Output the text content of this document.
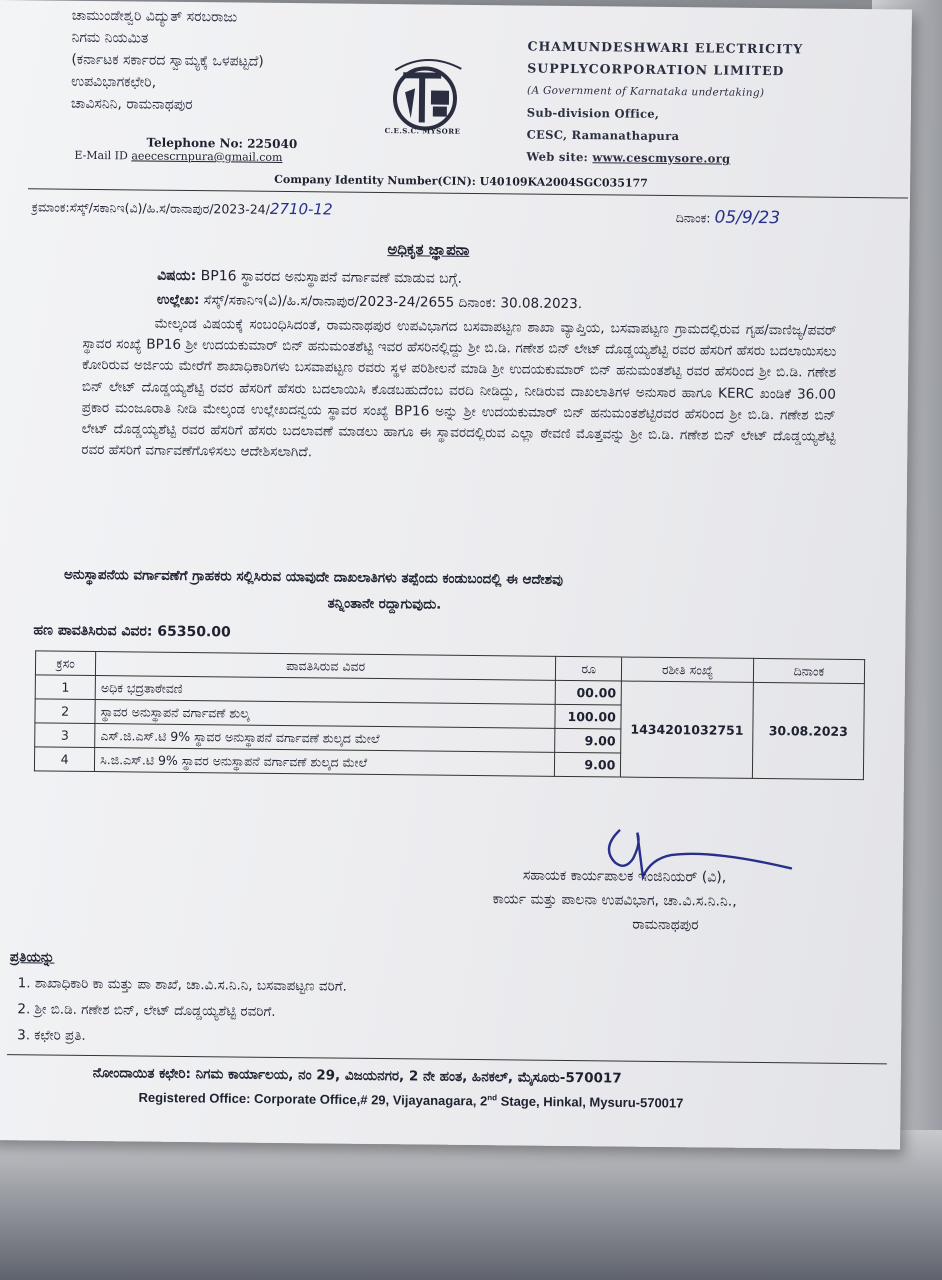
ಚಾಮುಂಡೇಶ್ವರಿ ವಿದ್ಯುತ್ ಸರಬರಾಜು
ನಿಗಮ ನಿಯಮಿತ
(ಕರ್ನಾಟಕ ಸರ್ಕಾರದ ಸ್ವಾಮ್ಯಕ್ಕೆ ಒಳಪಟ್ಟದೆ)
ಉಪವಿಭಾಗಕಛೇರಿ,
ಚಾವಿಸನಿನಿ, ರಾಮನಾಥಪುರ
C.E.S.C. MYSORE
CHAMUNDESHWARI ELECTRICITY
SUPPLYCORPORATION LIMITED
(A Government of Karnataka undertaking)
Sub-division Office,
CESC, Ramanathapura
Web site: www.cescmysore.org
Telephone No: 225040
E-Mail ID aeecescrnpura@gmail.com
Company Identity Number(CIN): U40109KA2004SGC035177
ಕ್ರಮಾಂಕ:ಸೆಸ್ಕ್/ಸಕಾನಿಇ(ವಿ)/ಹಿ.ಸ/ರಾನಾಪುರ/2023-24/2710-12	ದಿನಾಂಕ: 05/9/23
ಅಧಿಕೃತ ಜ್ಞಾಪನಾ
ವಿಷಯ: BP16 ಸ್ಥಾವರದ ಅನುಸ್ಥಾಪನೆ ವರ್ಗಾವಣೆ ಮಾಡುವ ಬಗ್ಗೆ.
ಉಲ್ಲೇಖ: ಸೆಸ್ಕ್/ಸಕಾನಿಇ(ವಿ)/ಹಿ.ಸ/ರಾನಾಪುರ/2023-24/2655 ದಿನಾಂಕ: 30.08.2023.
ಮೇಲ್ಕಂಡ ವಿಷಯಕ್ಕೆ ಸಂಬಂಧಿಸಿದಂತೆ, ರಾಮನಾಥಪುರ ಉಪವಿಭಾಗದ ಬಸವಾಪಟ್ಟಣ ಶಾಖಾ ವ್ಯಾಪ್ತಿಯ, ಬಸವಾಪಟ್ಟಣ ಗ್ರಾಮದಲ್ಲಿರುವ ಗೃಹ/ವಾಣಿಜ್ಯ/ಪವರ್ ಸ್ಥಾವರ ಸಂಖ್ಯೆ BP16 ಶ್ರೀ ಉದಯಕುಮಾರ್ ಬಿನ್ ಹನುಮಂತಶೆಟ್ಟಿ ಇವರ ಹೆಸರಿನಲ್ಲಿದ್ದು ಶ್ರೀ ಬಿ.ಡಿ. ಗಣೇಶ ಬಿನ್ ಲೇಟ್ ದೊಡ್ಡಯ್ಯಶೆಟ್ಟಿ ರವರ ಹೆಸರಿಗೆ ಹೆಸರು ಬದಲಾಯಿಸಲು ಕೋರಿರುವ ಅರ್ಜಿಯ ಮೇರೆಗೆ ಶಾಖಾಧಿಕಾರಿಗಳು ಬಸವಾಪಟ್ಟಣ ರವರು ಸ್ಥಳ ಪರಿಶೀಲನೆ ಮಾಡಿ ಶ್ರೀ ಉದಯಕುಮಾರ್ ಬಿನ್ ಹನುಮಂತಶೆಟ್ಟಿ ರವರ ಹೆಸರಿಂದ ಶ್ರೀ ಬಿ.ಡಿ. ಗಣೇಶ ಬಿನ್ ಲೇಟ್ ದೊಡ್ಡಯ್ಯಶೆಟ್ಟಿ ರವರ ಹೆಸರಿಗೆ ಹೆಸರು ಬದಲಾಯಿಸಿ ಕೊಡಬಹುದೆಂಬ ವರದಿ ನೀಡಿದ್ದು, ನೀಡಿರುವ ದಾಖಲಾತಿಗಳ ಅನುಸಾರ ಹಾಗೂ KERC ಖಂಡಿಕೆ 36.00 ಪ್ರಕಾರ ಮಂಜೂರಾತಿ ನೀಡಿ ಮೇಲ್ಕಂಡ ಉಲ್ಲೇಖದನ್ವಯ ಸ್ಥಾವರ ಸಂಖ್ಯೆ BP16 ಅನ್ನು ಶ್ರೀ ಉದಯಕುಮಾರ್ ಬಿನ್ ಹನುಮಂತಶೆಟ್ಟಿರವರ ಹೆಸರಿಂದ ಶ್ರೀ ಬಿ.ಡಿ. ಗಣೇಶ ಬಿನ್ ಲೇಟ್ ದೊಡ್ಡಯ್ಯಶೆಟ್ಟಿ ರವರ ಹೆಸರಿಗೆ ಹೆಸರು ಬದಲಾವಣೆ ಮಾಡಲು ಹಾಗೂ ಈ ಸ್ಥಾವರದಲ್ಲಿರುವ ಎಲ್ಲಾ ಠೇವಣಿ ಮೊತ್ತವನ್ನು ಶ್ರೀ ಬಿ.ಡಿ. ಗಣೇಶ ಬಿನ್ ಲೇಟ್ ದೊಡ್ಡಯ್ಯಶೆಟ್ಟಿ ರವರ ಹೆಸರಿಗೆ ವರ್ಗಾವಣೆಗೊಳಿಸಲು ಆದೇಶಿಸಲಾಗಿದೆ.
ಅನುಸ್ಥಾಪನೆಯ ವರ್ಗಾವಣೆಗೆ ಗ್ರಾಹಕರು ಸಲ್ಲಿಸಿರುವ ಯಾವುದೇ ದಾಖಲಾತಿಗಳು ತಪ್ಪೆಂದು ಕಂಡುಬಂದಲ್ಲಿ ಈ ಆದೇಶವು
ತನ್ನಿಂತಾನೇ ರದ್ದಾಗುವುದು.
ಹಣ ಪಾವತಿಸಿರುವ ವಿವರ: 65350.00
ಕ್ರಸಂ	ಪಾವತಿಸಿರುವ ವಿವರ	ರೂ	ರಶೀತಿ ಸಂಖ್ಯೆ	ದಿನಾಂಕ
1	ಅಧಿಕ ಭದ್ರತಾಠೇವಣಿ	00.00	1434201032751	30.08.2023
2	ಸ್ಥಾವರ ಅನುಸ್ಥಾಪನೆ ವರ್ಗಾವಣೆ ಶುಲ್ಕ	100.00		
3	ಎಸ್.ಜಿ.ಎಸ್.ಟಿ 9% ಸ್ಥಾವರ ಅನುಸ್ಥಾಪನೆ ವರ್ಗಾವಣೆ ಶುಲ್ಕದ ಮೇಲೆ	9.00		
4	ಸಿ.ಜಿ.ಎಸ್.ಟಿ 9% ಸ್ಥಾವರ ಅನುಸ್ಥಾಪನೆ ವರ್ಗಾವಣೆ ಶುಲ್ಕದ ಮೇಲೆ	9.00		
ಸಹಾಯಕ ಕಾರ್ಯಪಾಲಕ ಇಂಜಿನಿಯರ್ (ವಿ),
ಕಾರ್ಯ ಮತ್ತು ಪಾಲನಾ ಉಪವಿಭಾಗ, ಚಾ.ವಿ.ಸ.ನಿ.ನಿ.,
ರಾಮನಾಥಪುರ
ಪ್ರತಿಯನ್ನು
1. ಶಾಖಾಧಿಕಾರಿ ಕಾ ಮತ್ತು ಪಾ ಶಾಖೆ, ಚಾ.ವಿ.ಸ.ನಿ.ನಿ, ಬಸವಾಪಟ್ಟಣ ವರಿಗೆ.
2. ಶ್ರೀ ಬಿ.ಡಿ. ಗಣೇಶ ಬಿನ್, ಲೇಟ್ ದೊಡ್ಡಯ್ಯಶೆಟ್ಟಿ ರವರಿಗೆ.
3. ಕಛೇರಿ ಪ್ರತಿ.
ನೋಂದಾಯಿತ ಕಛೇರಿ: ನಿಗಮ ಕಾರ್ಯಾಲಯ, ನಂ 29, ವಿಜಯನಗರ, 2 ನೇ ಹಂತ, ಹಿನಕಲ್, ಮೈಸೂರು-570017
Registered Office: Corporate Office,# 29, Vijayanagara, 2nd Stage, Hinkal, Mysuru-570017
